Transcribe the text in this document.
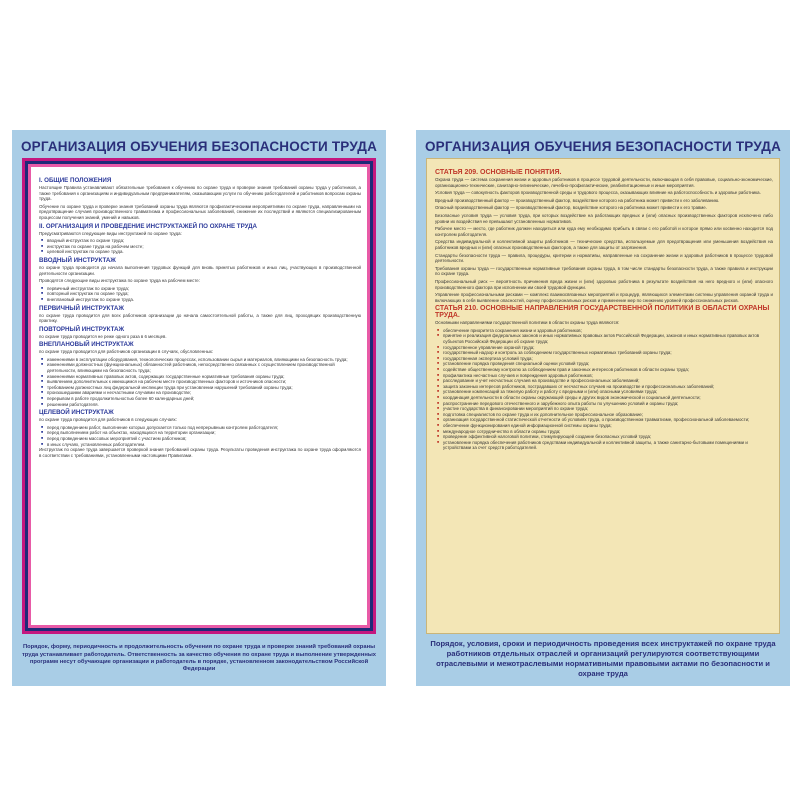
ОРГАНИЗАЦИЯ ОБУЧЕНИЯ БЕЗОПАСНОСТИ ТРУДА
I. ОБЩИЕ ПОЛОЖЕНИЯ
Настоящие Правила устанавливают обязательные требования к обучению по охране труда и проверке знания требований охраны труда у работников, а также требования к организациям и индивидуальным предпринимателям, оказывающим услуги по обучению работодателей и работников вопросам охраны труда.
Обучение по охране труда и проверке знания требований охраны труда являются профилактическими мероприятиями по охране труда, направленными на предотвращение случаев производственного травматизма и профессиональных заболеваний, снижение их последствий и являются специализированным процессом получения знаний, умений и навыков.
II. ОРГАНИЗАЦИЯ И ПРОВЕДЕНИЕ ИНСТРУКТАЖЕЙ ПО ОХРАНЕ ТРУДА
Предусматриваются следующие виды инструктажей по охране труда:
■ вводный инструктаж по охране труда;
■ инструктаж по охране труда на рабочем месте;
■ целевой инструктаж по охране труда.
ВВОДНЫЙ ИНСТРУКТАЖ
по охране труда проводится до начала выполнения трудовых функций для вновь принятых работников и иных лиц, участвующих в производственной деятельности организации.
Проводятся следующие виды инструктажа по охране труда на рабочем месте:
■ первичный инструктаж по охране труда;
■ повторный инструктаж по охране труда;
■ внеплановый инструктаж по охране труда.
ПЕРВИЧНЫЙ ИНСТРУКТАЖ
по охране труда проводится для всех работников организации до начала самостоятельной работы, а также для лиц, проходящих производственную практику.
ПОВТОРНЫЙ ИНСТРУКТАЖ
по охране труда проводится не реже одного раза в 6 месяцев.
ВНЕПЛАНОВЫЙ ИНСТРУКТАЖ
по охране труда проводится для работников организации в случаях, обусловленных:
■ изменениями в эксплуатации оборудования, технологических процессах, использовании сырья и материалов, влияющими на безопасность труда;
■ изменениями должностных (функциональных) обязанностей работников, непосредственно связанных с осуществлением производственной деятельности, влияющими на безопасность труда;
■ изменениями нормативных правовых актов, содержащих государственные нормативные требования охраны труда;
■ выявлением дополнительных к имеющимся на рабочем месте производственных факторов и источников опасности;
■ требованием должностных лиц федеральной инспекции труда при установлении нарушений требований охраны труда;
■ произошедшими авариями и несчастными случаями на производстве;
■ перерывом в работе продолжительностью более 60 календарных дней;
■ решением работодателя.
ЦЕЛЕВОЙ ИНСТРУКТАЖ
по охране труда проводится для работников в следующих случаях:
■ перед проведением работ, выполнение которых допускается только под непрерывным контролем работодателя;
■ перед выполнением работ на объектах, находящихся на территории организации;
■ перед проведением массовых мероприятий с участием работников;
■ в иных случаях, установленных работодателем.
Инструктаж по охране труда завершается проверкой знания требований охраны труда. Результаты проведения инструктажа по охране труда оформляются в соответствии с требованиями, установленными настоящими Правилами.
Порядок, форму, периодичность и продолжительность обучения по охране труда и проверке знаний требований охраны труда устанавливает работодатель. Ответственность за качество обучения по охране труда и выполнение утвержденных программ несут обучающие организации и работодатель в порядке, установленном законодательством Российской Федерации
ОРГАНИЗАЦИЯ ОБУЧЕНИЯ БЕЗОПАСНОСТИ ТРУДА
СТАТЬЯ 209. ОСНОВНЫЕ ПОНЯТИЯ.
Охрана труда — система сохранения жизни и здоровья работников в процессе трудовой деятельности, включающая в себя правовые, социально-экономические, организационно-технические, санитарно-гигиенические, лечебно-профилактические, реабилитационные и иные мероприятия.
Условия труда — совокупность факторов производственной среды и трудового процесса, оказывающих влияние на работоспособность и здоровье работника.
Вредный производственный фактор — производственный фактор, воздействие которого на работника может привести к его заболеванию.
Опасный производственный фактор — производственный фактор, воздействие которого на работника может привести к его травме.
Безопасные условия труда — условия труда, при которых воздействие на работающих вредных и (или) опасных производственных факторов исключено либо уровни их воздействия не превышают установленных нормативов.
Рабочее место — место, где работник должен находиться или куда ему необходимо прибыть в связи с его работой и которое прямо или косвенно находится под контролем работодателя.
Средства индивидуальной и коллективной защиты работников — технические средства, используемые для предотвращения или уменьшения воздействия на работников вредных и (или) опасных производственных факторов, а также для защиты от загрязнения.
Стандарты безопасности труда — правила, процедуры, критерии и нормативы, направленные на сохранение жизни и здоровья работников в процессе трудовой деятельности.
Требования охраны труда — государственные нормативные требования охраны труда, в том числе стандарты безопасности труда, а также правила и инструкции по охране труда.
Профессиональный риск — вероятность причинения вреда жизни и (или) здоровью работника в результате воздействия на него вредного и (или) опасного производственного фактора при исполнении им своей трудовой функции.
Управление профессиональными рисками — комплекс взаимосвязанных мероприятий и процедур, являющихся элементами системы управления охраной труда и включающих в себя выявление опасностей, оценку профессиональных рисков и применение мер по снижению уровней профессиональных рисков.
СТАТЬЯ 210. ОСНОВНЫЕ НАПРАВЛЕНИЯ ГОСУДАРСТВЕННОЙ ПОЛИТИКИ В ОБЛАСТИ ОХРАНЫ ТРУДА.
Основными направлениями государственной политики в области охраны труда являются:
■ обеспечение приоритета сохранения жизни и здоровья работников;
■ принятие и реализация федеральных законов и иных нормативных правовых актов Российской Федерации, законов и иных нормативных правовых актов субъектов Российской Федерации об охране труда;
■ государственное управление охраной труда;
■ государственный надзор и контроль за соблюдением государственных нормативных требований охраны труда;
■ государственная экспертиза условий труда;
■ установление порядка проведения специальной оценки условий труда;
■ содействие общественному контролю за соблюдением прав и законных интересов работников в области охраны труда;
■ профилактика несчастных случаев и повреждения здоровья работников;
■ расследование и учет несчастных случаев на производстве и профессиональных заболеваний;
■ защита законных интересов работников, пострадавших от несчастных случаев на производстве и профессиональных заболеваний;
■ установление компенсаций за тяжелую работу и работу с вредными и (или) опасными условиями труда;
■ координация деятельности в области охраны окружающей среды и других видов экономической и социальной деятельности;
■ распространение передового отечественного и зарубежного опыта работы по улучшению условий и охраны труда;
■ участие государства в финансировании мероприятий по охране труда;
■ подготовка специалистов по охране труда и их дополнительное профессиональное образование;
■ организация государственной статистической отчетности об условиях труда, о производственном травматизме, профессиональной заболеваемости;
■ обеспечение функционирования единой информационной системы охраны труда;
■ международное сотрудничество в области охраны труда;
■ проведение эффективной налоговой политики, стимулирующей создание безопасных условий труда;
■ установление порядка обеспечения работников средствами индивидуальной и коллективной защиты, а также санитарно-бытовыми помещениями и устройствами за счет средств работодателей.
Порядок, условия, сроки и периодичность проведения всех инструктажей по охране труда работников отдельных отраслей и организаций регулируются соответствующими отраслевыми и межотраслевыми нормативными правовыми актами по безопасности и охране труда
